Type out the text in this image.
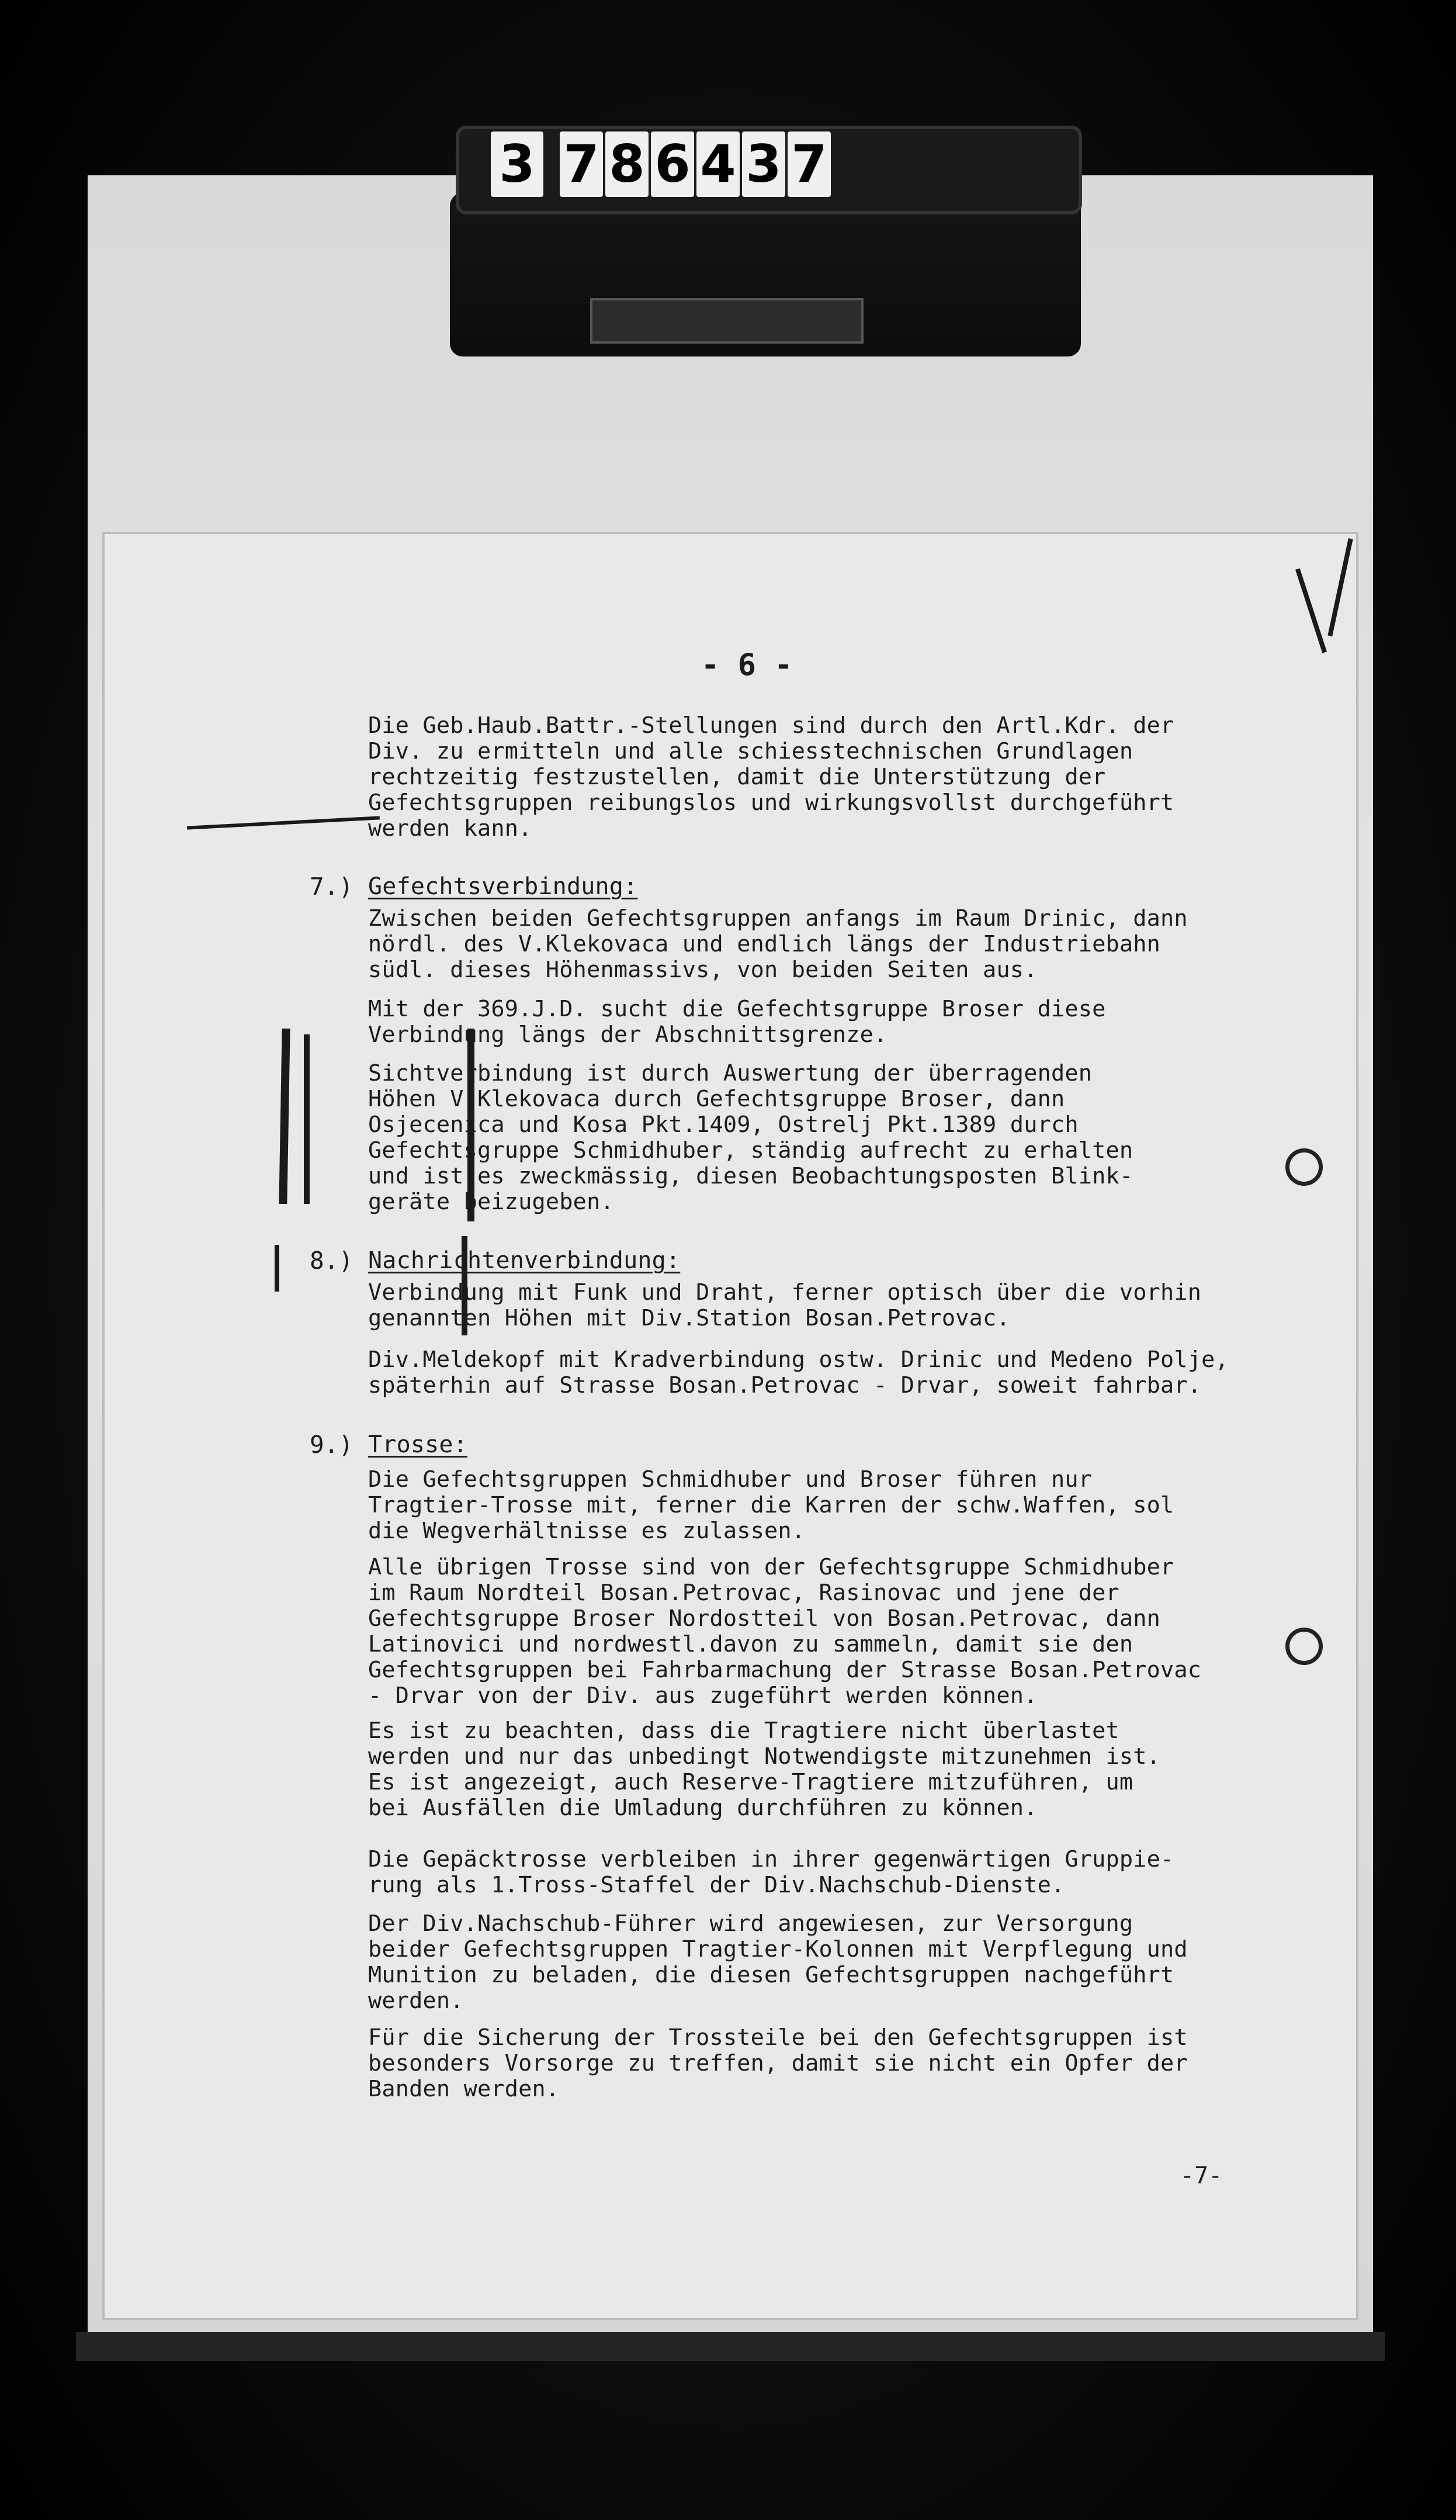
3 7 8 6 4 3 7
- 6 -

Die Geb.Haub.Battr.-Stellungen sind durch den Artl.Kdr. der

Div. zu ermitteln und alle schiesstechnischen Grundlagen

rechtzeitig festzustellen, damit die Unterstützung der

Gefechtsgruppen reibungslos und wirkungsvollst durchgeführt

werden kann.

7.)

Gefechtsverbindung:

Zwischen beiden Gefechtsgruppen anfangs im Raum Drinic, dann

nördl. des V.Klekovaca und endlich längs der Industriebahn

südl. dieses Höhenmassivs, von beiden Seiten aus.

Mit der 369.J.D. sucht die Gefechtsgruppe Broser diese

Verbindung längs der Abschnittsgrenze.

Sichtverbindung ist durch Auswertung der überragenden

Höhen V.Klekovaca durch Gefechtsgruppe Broser, dann

Osjecenica und Kosa Pkt.1409, Ostrelj Pkt.1389 durch

Gefechtsgruppe Schmidhuber, ständig aufrecht zu erhalten

und ist es zweckmässig, diesen Beobachtungsposten Blink-

geräte beizugeben.

8.)

Nachrichtenverbindung:

Verbindung mit Funk und Draht, ferner optisch über die vorhin

genannten Höhen mit Div.Station Bosan.Petrovac.

Div.Meldekopf mit Kradverbindung ostw. Drinic und Medeno Polje,

späterhin auf Strasse Bosan.Petrovac - Drvar, soweit fahrbar.

9.)

Trosse:

Die Gefechtsgruppen Schmidhuber und Broser führen nur

Tragtier-Trosse mit, ferner die Karren der schw.Waffen, sol

die Wegverhältnisse es zulassen.

Alle übrigen Trosse sind von der Gefechtsgruppe Schmidhuber

im Raum Nordteil Bosan.Petrovac, Rasinovac und jene der

Gefechtsgruppe Broser Nordostteil von Bosan.Petrovac, dann

Latinovici und nordwestl.davon zu sammeln, damit sie den

Gefechtsgruppen bei Fahrbarmachung der Strasse Bosan.Petrovac

- Drvar von der Div. aus zugeführt werden können.

Es ist zu beachten, dass die Tragtiere nicht überlastet

werden und nur das unbedingt Notwendigste mitzunehmen ist.

Es ist angezeigt, auch Reserve-Tragtiere mitzuführen, um

bei Ausfällen die Umladung durchführen zu können.

Die Gepäcktrosse verbleiben in ihrer gegenwärtigen Gruppie-

rung als 1.Tross-Staffel der Div.Nachschub-Dienste.

Der Div.Nachschub-Führer wird angewiesen, zur Versorgung

beider Gefechtsgruppen Tragtier-Kolonnen mit Verpflegung und

Munition zu beladen, die diesen Gefechtsgruppen nachgeführt

werden.

Für die Sicherung der Trossteile bei den Gefechtsgruppen ist

besonders Vorsorge zu treffen, damit sie nicht ein Opfer der

Banden werden.

-7-
